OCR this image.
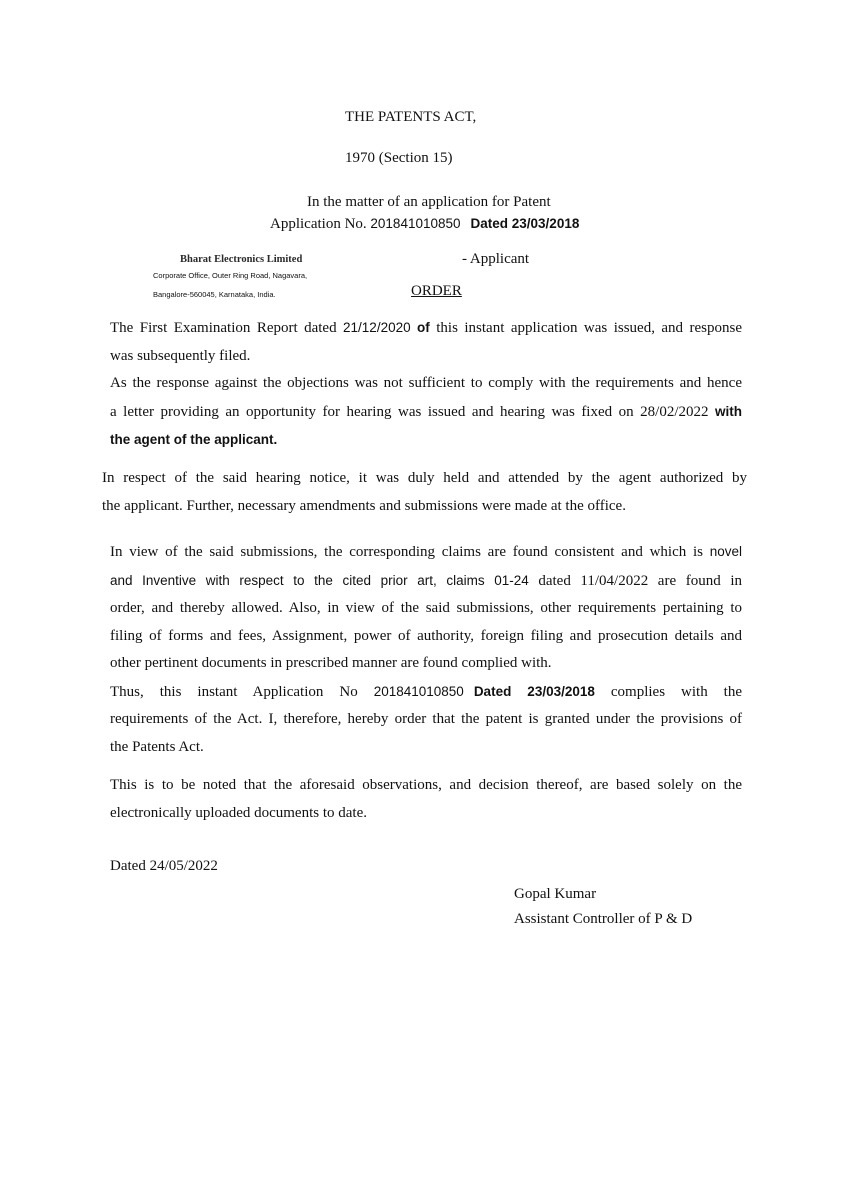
THE PATENTS ACT,
1970 (Section 15)
In the matter of an application for Patent
Application No. 201841010850 Dated 23/03/2018
Bharat Electronics Limited
Corporate Office, Outer Ring Road, Nagavara,
Bangalore-560045, Karnataka, India.
- Applicant
ORDER
The First Examination Report dated 21/12/2020 of this instant application was issued, and response
was subsequently filed.
As the response against the objections was not sufficient to comply with the requirements and hence
a letter providing an opportunity for hearing was issued and hearing was fixed on 28/02/2022 with
the agent of the applicant.
In respect of the said hearing notice, it was duly held and attended by the agent authorized by
the applicant. Further, necessary amendments and submissions were made at the office.
In view of the said submissions, the corresponding claims are found consistent and which is novel
and Inventive with respect to the cited prior art, claims 01-24 dated 11/04/2022 are found in
order, and thereby allowed. Also, in view of the said submissions, other requirements pertaining to
filing of forms and fees, Assignment, power of authority, foreign filing and prosecution details and
other pertinent documents in prescribed manner are found complied with.
Thus, this instant Application No 201841010850 Dated 23/03/2018 complies with the
requirements of the Act. I, therefore, hereby order that the patent is granted under the provisions of
the Patents Act.
This is to be noted that the aforesaid observations, and decision thereof, are based solely on the
electronically uploaded documents to date.
Dated 24/05/2022
Gopal Kumar
Assistant Controller of P & D
